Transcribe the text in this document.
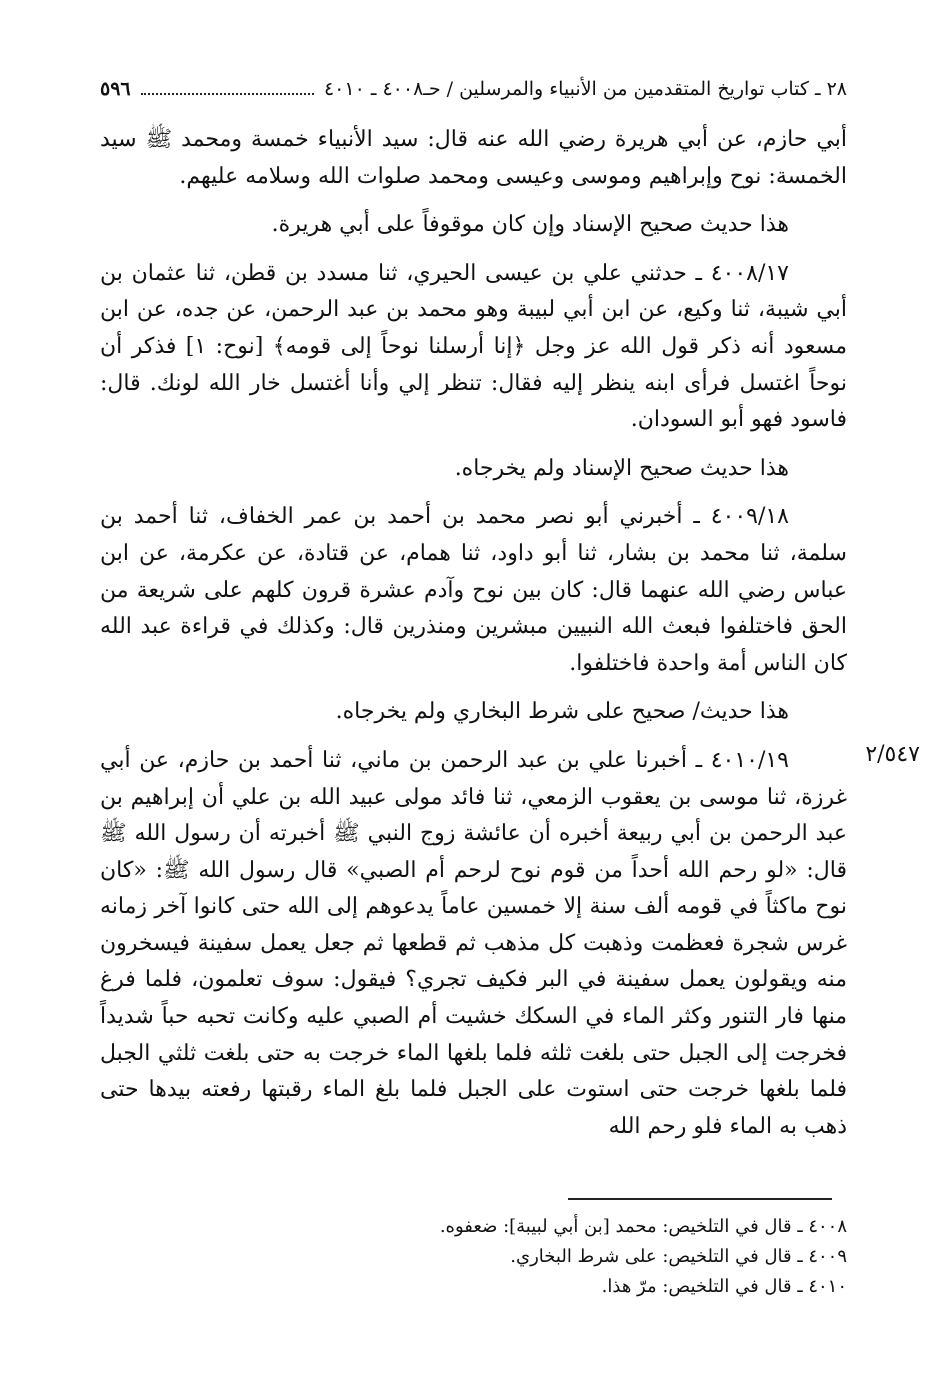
٢٨ ـ كتاب تواريخ المتقدمين من الأنبياء والمرسلين / حـ٤٠٠٨ ـ ٤٠١٠
٥٩٦

أبي حازم، عن أبي هريرة رضي الله عنه قال: سيد الأنبياء خمسة ومحمد ﷺ سيد الخمسة: نوح وإبراهيم وموسى وعيسى ومحمد صلوات الله وسلامه عليهم.

هذا حديث صحيح الإسناد وإن كان موقوفاً على أبي هريرة.

٤٠٠٨/١٧ ـ حدثني علي بن عيسى الحيري، ثنا مسدد بن قطن، ثنا عثمان بن أبي شيبة، ثنا وكيع، عن ابن أبي لبيبة وهو محمد بن عبد الرحمن، عن جده، عن ابن مسعود أنه ذكر قول الله عز وجل ﴿إنا أرسلنا نوحاً إلى قومه﴾ [نوح: ١] فذكر أن نوحاً اغتسل فرأى ابنه ينظر إليه فقال: تنظر إلي وأنا أغتسل خار الله لونك. قال: فاسود فهو أبو السودان.

هذا حديث صحيح الإسناد ولم يخرجاه.

٤٠٠٩/١٨ ـ أخبرني أبو نصر محمد بن أحمد بن عمر الخفاف، ثنا أحمد بن سلمة، ثنا محمد بن بشار، ثنا أبو داود، ثنا همام، عن قتادة، عن عكرمة، عن ابن عباس رضي الله عنهما قال: كان بين نوح وآدم عشرة قرون كلهم على شريعة من الحق فاختلفوا فبعث الله النبيين مبشرين ومنذرين قال: وكذلك في قراءة عبد الله كان الناس أمة واحدة فاختلفوا.

هذا حديث/ صحيح على شرط البخاري ولم يخرجاه.

٤٠١٠/١٩ ـ أخبرنا علي بن عبد الرحمن بن ماني، ثنا أحمد بن حازم، عن أبي غرزة، ثنا موسى بن يعقوب الزمعي، ثنا فائد مولى عبيد الله بن علي أن إبراهيم بن عبد الرحمن بن أبي ربيعة أخبره أن عائشة زوج النبي ﷺ أخبرته أن رسول الله ﷺ قال: «لو رحم الله أحداً من قوم نوح لرحم أم الصبي» قال رسول الله ﷺ: «كان نوح ماكثاً في قومه ألف سنة إلا خمسين عاماً يدعوهم إلى الله حتى كانوا آخر زمانه غرس شجرة فعظمت وذهبت كل مذهب ثم قطعها ثم جعل يعمل سفينة فيسخرون منه ويقولون يعمل سفينة في البر فكيف تجري؟ فيقول: سوف تعلمون، فلما فرغ منها فار التنور وكثر الماء في السكك خشيت أم الصبي عليه وكانت تحبه حباً شديداً فخرجت إلى الجبل حتى بلغت ثلثه فلما بلغها الماء خرجت به حتى بلغت ثلثي الجبل فلما بلغها خرجت حتى استوت على الجبل فلما بلغ الماء رقبتها رفعته بيدها حتى ذهب به الماء فلو رحم الله

٢/٥٤٧
٤٠٠٨ ـ قال في التلخيص: محمد [بن أبي لبيبة]: ضعفوه.
٤٠٠٩ ـ قال في التلخيص: على شرط البخاري.
٤٠١٠ ـ قال في التلخيص: مرّ هذا.
